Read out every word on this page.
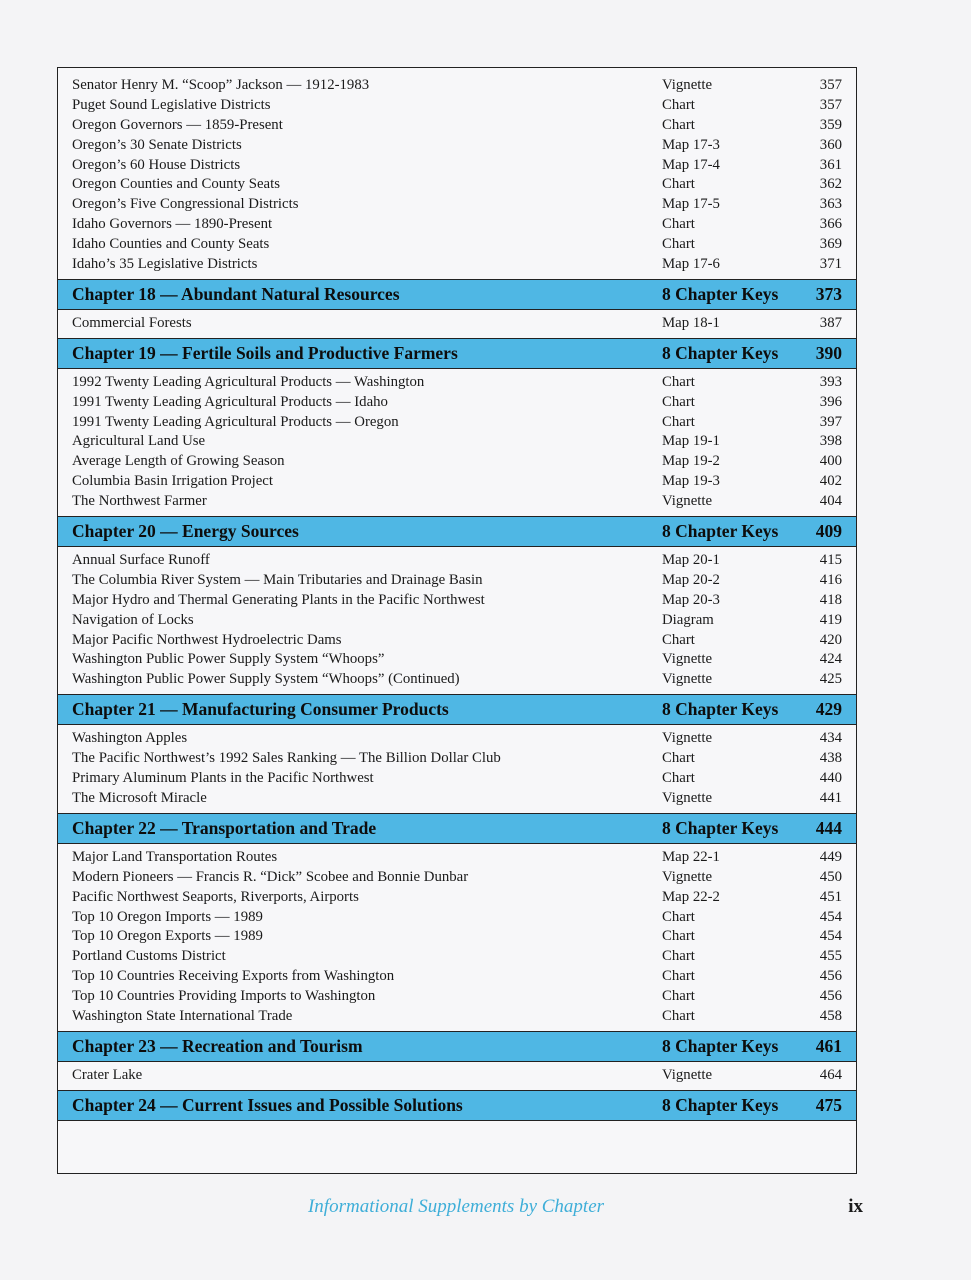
Senator Henry M. “Scoop” Jackson — 1912-1983	Vignette	357
Puget Sound Legislative Districts	Chart	357
Oregon Governors — 1859-Present	Chart	359
Oregon’s 30 Senate Districts	Map 17-3	360
Oregon’s 60 House Districts	Map 17-4	361
Oregon Counties and County Seats	Chart	362
Oregon’s Five Congressional Districts	Map 17-5	363
Idaho Governors — 1890-Present	Chart	366
Idaho Counties and County Seats	Chart	369
Idaho’s 35 Legislative Districts	Map 17-6	371
Chapter 18 — Abundant Natural Resources	8 Chapter Keys 373
Commercial Forests	Map 18-1	387
Chapter 19 — Fertile Soils and Productive Farmers	8 Chapter Keys 390
1992 Twenty Leading Agricultural Products — Washington	Chart	393
1991 Twenty Leading Agricultural Products — Idaho	Chart	396
1991 Twenty Leading Agricultural Products — Oregon	Chart	397
Agricultural Land Use	Map 19-1	398
Average Length of Growing Season	Map 19-2	400
Columbia Basin Irrigation Project	Map 19-3	402
The Northwest Farmer	Vignette	404
Chapter 20 — Energy Sources	8 Chapter Keys 409
Annual Surface Runoff	Map 20-1	415
The Columbia River System — Main Tributaries and Drainage Basin	Map 20-2	416
Major Hydro and Thermal Generating Plants in the Pacific Northwest	Map 20-3	418
Navigation of Locks	Diagram	419
Major Pacific Northwest Hydroelectric Dams	Chart	420
Washington Public Power Supply System “Whoops”	Vignette	424
Washington Public Power Supply System “Whoops” (Continued)	Vignette	425
Chapter 21 — Manufacturing Consumer Products	8 Chapter Keys 429
Washington Apples	Vignette	434
The Pacific Northwest’s 1992 Sales Ranking — The Billion Dollar Club	Chart	438
Primary Aluminum Plants in the Pacific Northwest	Chart	440
The Microsoft Miracle	Vignette	441
Chapter 22 — Transportation and Trade	8 Chapter Keys 444
Major Land Transportation Routes	Map 22-1	449
Modern Pioneers — Francis R. “Dick” Scobee and Bonnie Dunbar	Vignette	450
Pacific Northwest Seaports, Riverports, Airports	Map 22-2	451
Top 10 Oregon Imports — 1989	Chart	454
Top 10 Oregon Exports — 1989	Chart	454
Portland Customs District	Chart	455
Top 10 Countries Receiving Exports from Washington	Chart	456
Top 10 Countries Providing Imports to Washington	Chart	456
Washington State International Trade	Chart	458
Chapter 23 — Recreation and Tourism	8 Chapter Keys 461
Crater Lake	Vignette	464
Chapter 24 — Current Issues and Possible Solutions	8 Chapter Keys 475
Informational Supplements by Chapter	ix
